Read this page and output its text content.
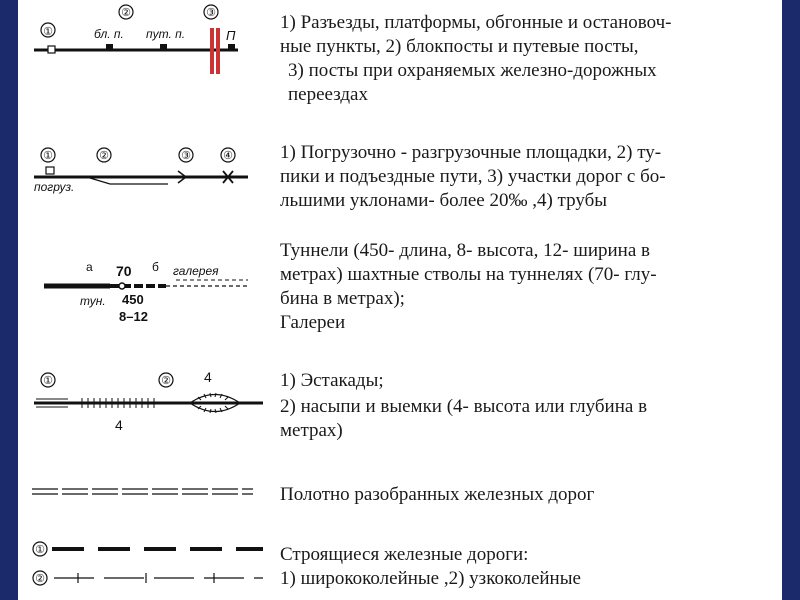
①
②	③
бл. п. пут. п.	П
①	②	③	④
погруз.
а 70 б галерея
тун. 450
8–12
①	② 4
4
①
②
1) Разъезды, платформы, обгонные и остановоч-
ные пункты, 2) блокпосты и путевые посты,
3) посты при охраняемых железно-дорожных
переездах
1) Погрузочно - разгрузочные площадки, 2) ту-
пики и подъездные пути, 3) участки дорог с бо-
льшими уклонами- более 20‰ ,4) трубы
Туннели (450- длина, 8- высота, 12- ширина в
метрах) шахтные стволы на туннелях (70- глу-
бина в метрах);
Галереи
1) Эстакады;
2) насыпи и выемки (4- высота или глубина в
метрах)
Полотно разобранных железных дорог
Строящиеся железные дороги:
1) ширококолейные ,2) узкоколейные
